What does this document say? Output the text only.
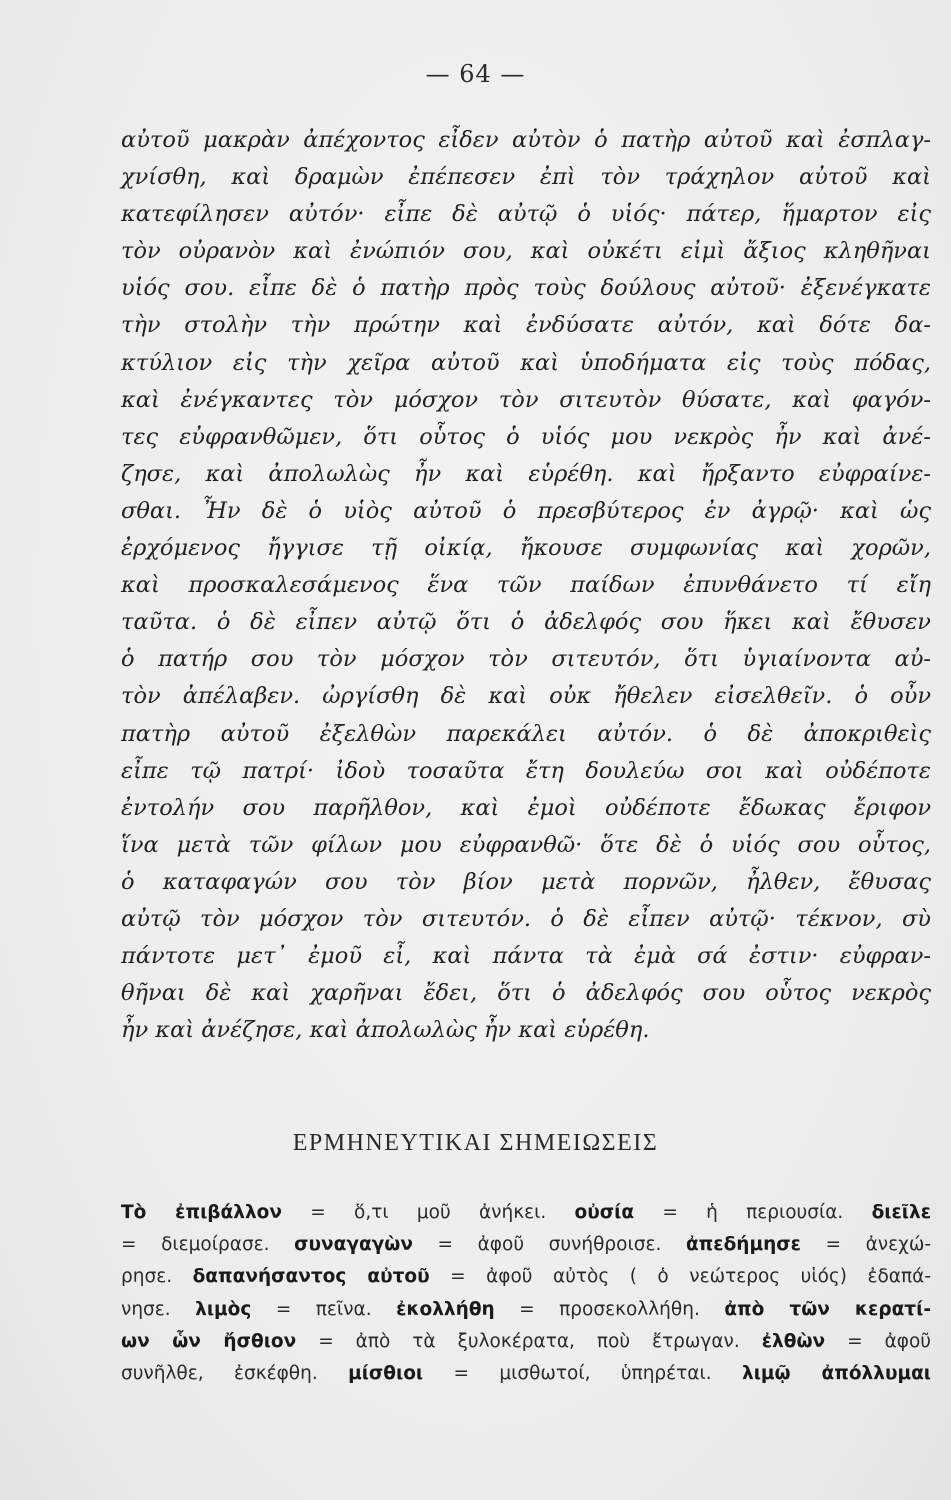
— 64 —
αὐτοῦ μακρὰν ἀπέχοντος εἶδεν αὐτὸν ὁ πατὴρ αὐτοῦ καὶ ἐσπλαγ-
χνίσθη, καὶ δραμὼν ἐπέπεσεν ἐπὶ τὸν τράχηλον αὐτοῦ καὶ
κατεφίλησεν αὐτόν· εἶπε δὲ αὐτῷ ὁ υἱός· πάτερ, ἥμαρτον εἰς
τὸν οὐρανὸν καὶ ἐνώπιόν σου, καὶ οὐκέτι εἰμὶ ἄξιος κληθῆναι
υἱός σου. εἶπε δὲ ὁ πατὴρ πρὸς τοὺς δούλους αὐτοῦ· ἐξενέγκατε
τὴν στολὴν τὴν πρώτην καὶ ἐνδύσατε αὐτόν, καὶ δότε δα-
κτύλιον εἰς τὴν χεῖρα αὐτοῦ καὶ ὑποδήματα εἰς τοὺς πόδας,
καὶ ἐνέγκαντες τὸν μόσχον τὸν σιτευτὸν θύσατε, καὶ φαγόν-
τες εὐφρανθῶμεν, ὅτι οὗτος ὁ υἱός μου νεκρὸς ἦν καὶ ἀνέ-
ζησε, καὶ ἀπολωλὼς ἦν καὶ εὑρέθη. καὶ ἤρξαντο εὐφραίνε-
σθαι. Ἦν δὲ ὁ υἱὸς αὐτοῦ ὁ πρεσβύτερος ἐν ἀγρῷ· καὶ ὡς
ἐρχόμενος ἤγγισε τῇ οἰκίᾳ, ἤκουσε συμφωνίας καὶ χορῶν,
καὶ προσκαλεσάμενος ἕνα τῶν παίδων ἐπυνθάνετο τί εἴη
ταῦτα. ὁ δὲ εἶπεν αὐτῷ ὅτι ὁ ἀδελφός σου ἥκει καὶ ἔθυσεν
ὁ πατήρ σου τὸν μόσχον τὸν σιτευτόν, ὅτι ὑγιαίνοντα αὐ-
τὸν ἀπέλαβεν. ὠργίσθη δὲ καὶ οὐκ ἤθελεν εἰσελθεῖν. ὁ οὖν
πατὴρ αὐτοῦ ἐξελθὼν παρεκάλει αὐτόν. ὁ δὲ ἀποκριθεὶς
εἶπε τῷ πατρί· ἰδοὺ τοσαῦτα ἔτη δουλεύω σοι καὶ οὐδέποτε
ἐντολήν σου παρῆλθον, καὶ ἐμοὶ οὐδέποτε ἔδωκας ἔριφον
ἵνα μετὰ τῶν φίλων μου εὐφρανθῶ· ὅτε δὲ ὁ υἱός σου οὗτος,
ὁ καταφαγών σου τὸν βίον μετὰ πορνῶν, ἦλθεν, ἔθυσας
αὐτῷ τὸν μόσχον τὸν σιτευτόν. ὁ δὲ εἶπεν αὐτῷ· τέκνον, σὺ
πάντοτε μετ᾽ ἐμοῦ εἶ, καὶ πάντα τὰ ἐμὰ σά ἐστιν· εὐφραν-
θῆναι δὲ καὶ χαρῆναι ἔδει, ὅτι ὁ ἀδελφός σου οὗτος νεκρὸς
ἦν καὶ ἀνέζησε, καὶ ἀπολωλὼς ἦν καὶ εὑρέθη.
ΕΡΜΗΝΕΥΤΙΚΑΙ ΣΗΜΕΙΩΣΕΙΣ
Τὸ ἐπιβάλλον = ὅ,τι μοῦ ἀνήκει. οὐσία = ἡ περιουσία. διεῖλε
= διεμοίρασε. συναγαγὼν = ἀφοῦ συνήθροισε. ἀπεδήμησε = ἀνεχώ-
ρησε. δαπανήσαντος αὐτοῦ = ἀφοῦ αὐτὸς ( ὁ νεώτερος υἱός) ἐδαπά-
νησε. λιμὸς = πεῖνα. ἐκολλήθη = προσεκολλήθη. ἀπὸ τῶν κερατί-
ων ὧν ἤσθιον = ἀπὸ τὰ ξυλοκέρατα, ποὺ ἔτρωγαν. ἐλθὼν = ἀφοῦ
συνῆλθε, ἐσκέφθη. μίσθιοι = μισθωτοί, ὑπηρέται. λιμῷ ἀπόλλυμαι
